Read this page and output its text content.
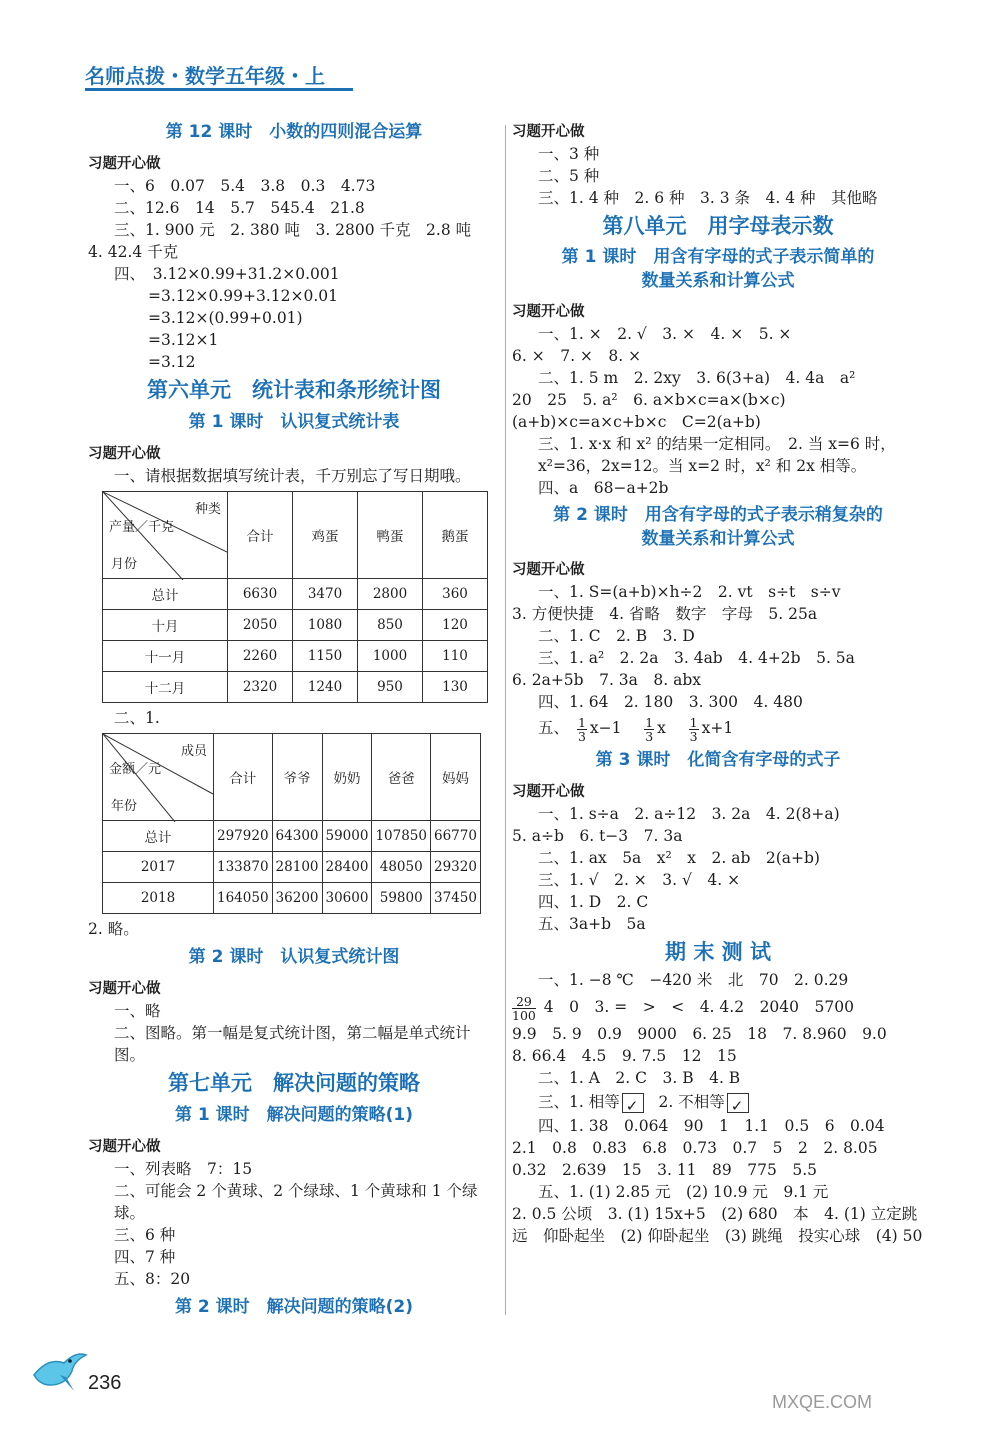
名师点拨・数学五年级・上
第 12 课时　小数的四则混合运算
习题开心做
一、6　0.07　5.4　3.8　0.3　4.73
二、12.6　14　5.7　545.4　21.8
三、1. 900 元　2. 380 吨　3. 2800 千克　2.8 吨
4. 42.4 千克
四、　3.12×0.99+31.2×0.001
=3.12×0.99+3.12×0.01
=3.12×(0.99+0.01)
=3.12×1
=3.12
第六单元　统计表和条形统计图
第 1 课时　认识复式统计表
习题开心做
一、请根据数据填写统计表，千万别忘了写日期哦。
种类
产量／千克
月份	合计	鸡蛋	鸭蛋	鹅蛋
总计	6630	3470	2800	360
十月	2050	1080	850	120
十一月	2260	1150	1000	110
十二月	2320	1240	950	130
二、1.
成员
金额／元
年份	合计	爷爷	奶奶	爸爸	妈妈
总计	297920	64300	59000	107850	66770
2017	133870	28100	28400	48050	29320
2018	164050	36200	30600	59800	37450
2. 略。
第 2 课时　认识复式统计图
习题开心做
一、略
二、图略。第一幅是复式统计图，第二幅是单式统计图。
第七单元　解决问题的策略
第 1 课时　解决问题的策略(1)
习题开心做
一、列表略　7：15
二、可能会 2 个黄球、2 个绿球、1 个黄球和 1 个绿球。
三、6 种
四、7 种
五、8：20
第 2 课时　解决问题的策略(2)
习题开心做
一、3 种
二、5 种
三、1. 4 种　2. 6 种　3. 3 条　4. 4 种　其他略
第八单元　用字母表示数
第 1 课时　用含有字母的式子表示简单的
数量关系和计算公式
习题开心做
一、1. ×　2. √　3. ×　4. ×　5. ×
6. ×　7. ×　8. ×
二、1. 5 m　2. 2xy　3. 6(3+a)　4. 4a　a²
20　25　5. a²　6. a×b×c=a×(b×c)
(a+b)×c=a×c+b×c　C=2(a+b)
三、1. x·x 和 x² 的结果一定相同。　2. 当 x=6 时，x²=36，2x=12。当 x=2 时，x² 和 2x 相等。
四、a　68−a+2b
第 2 课时　用含有字母的式子表示稍复杂的
数量关系和计算公式
习题开心做
一、1. S=(a+b)×h÷2　2. vt　s÷t　s÷v
3. 方便快捷　4. 省略　数字　字母　5. 25a
二、1. C　2. B　3. D
三、1. a²　2. 2a　3. 4ab　4. 4+2b　5. 5a
6. 2a+5b　7. 3a　8. abx
四、1. 64　2. 180　3. 300　4. 480
五、 $\frac{1}{3} x-1 \frac{1}{3}$ x $\frac{1}{3} x+1$
第 3 课时　化简含有字母的式子
习题开心做
一、1. s÷a　2. a÷12　3. 2a　4. 2(8+a)
5. a÷b　6. t−3　7. 3a
二、1. ax　5a　x²　x　2. ab　2(a+b)
三、1. √　2. ×　3. √　4. ×
四、1. D　2. C
五、3a+b　5a
期 末 测 试
一、1. −8 ℃　−420 米　北　70　2. 0.29
$\frac{29}{100} 4$　0　3. =　>　<　4. 4.2　2040　5700
9.9　5. 9　0.9　9000　6. 25　18　7. 8.960　9.0
8. 66.4　4.5　9. 7.5　12　15
二、1. A　2. C　3. B　4. B
三、1. 相等 ✓	2. 不相等✓
四、1. 38　0.064　90　1　1.1　0.5　6　0.04
2.1　0.8　0.83　6.8　0.73　0.7　5　2　2. 8.05
0.32　2.639　15　3. 11　89　775　5.5
五、1. (1) 2.85 元　(2) 10.9 元　9.1 元
2. 0.5 公顷　3. (1) 15x+5　(2) 680　本　4. (1) 立定跳远　仰卧起坐　(2) 仰卧起坐　(3) 跳绳　投实心球　(4) 50
236
MXQE.COM
